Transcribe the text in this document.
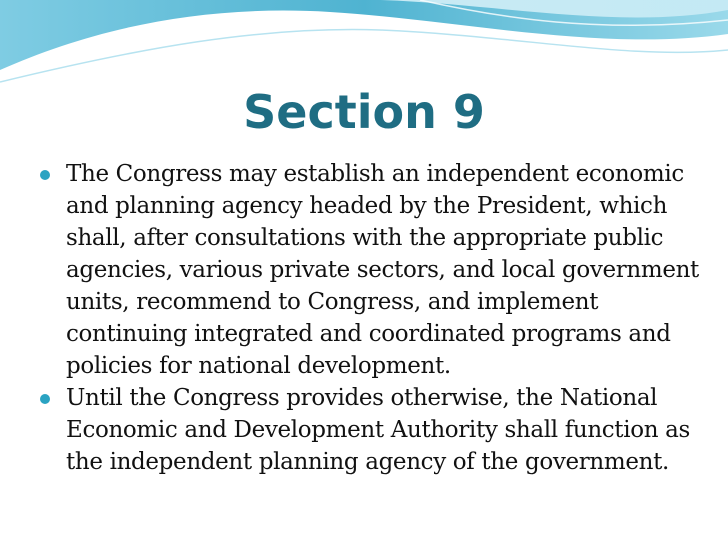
Section 9
The Congress may establish an independent economic and planning agency headed by the President, which shall, after consultations with the appropriate public agencies, various private sectors, and local government units, recommend to Congress, and implement continuing integrated and coordinated programs and policies for national development.
Until the Congress provides otherwise, the National Economic and Development Authority shall function as the independent planning agency of the government.
